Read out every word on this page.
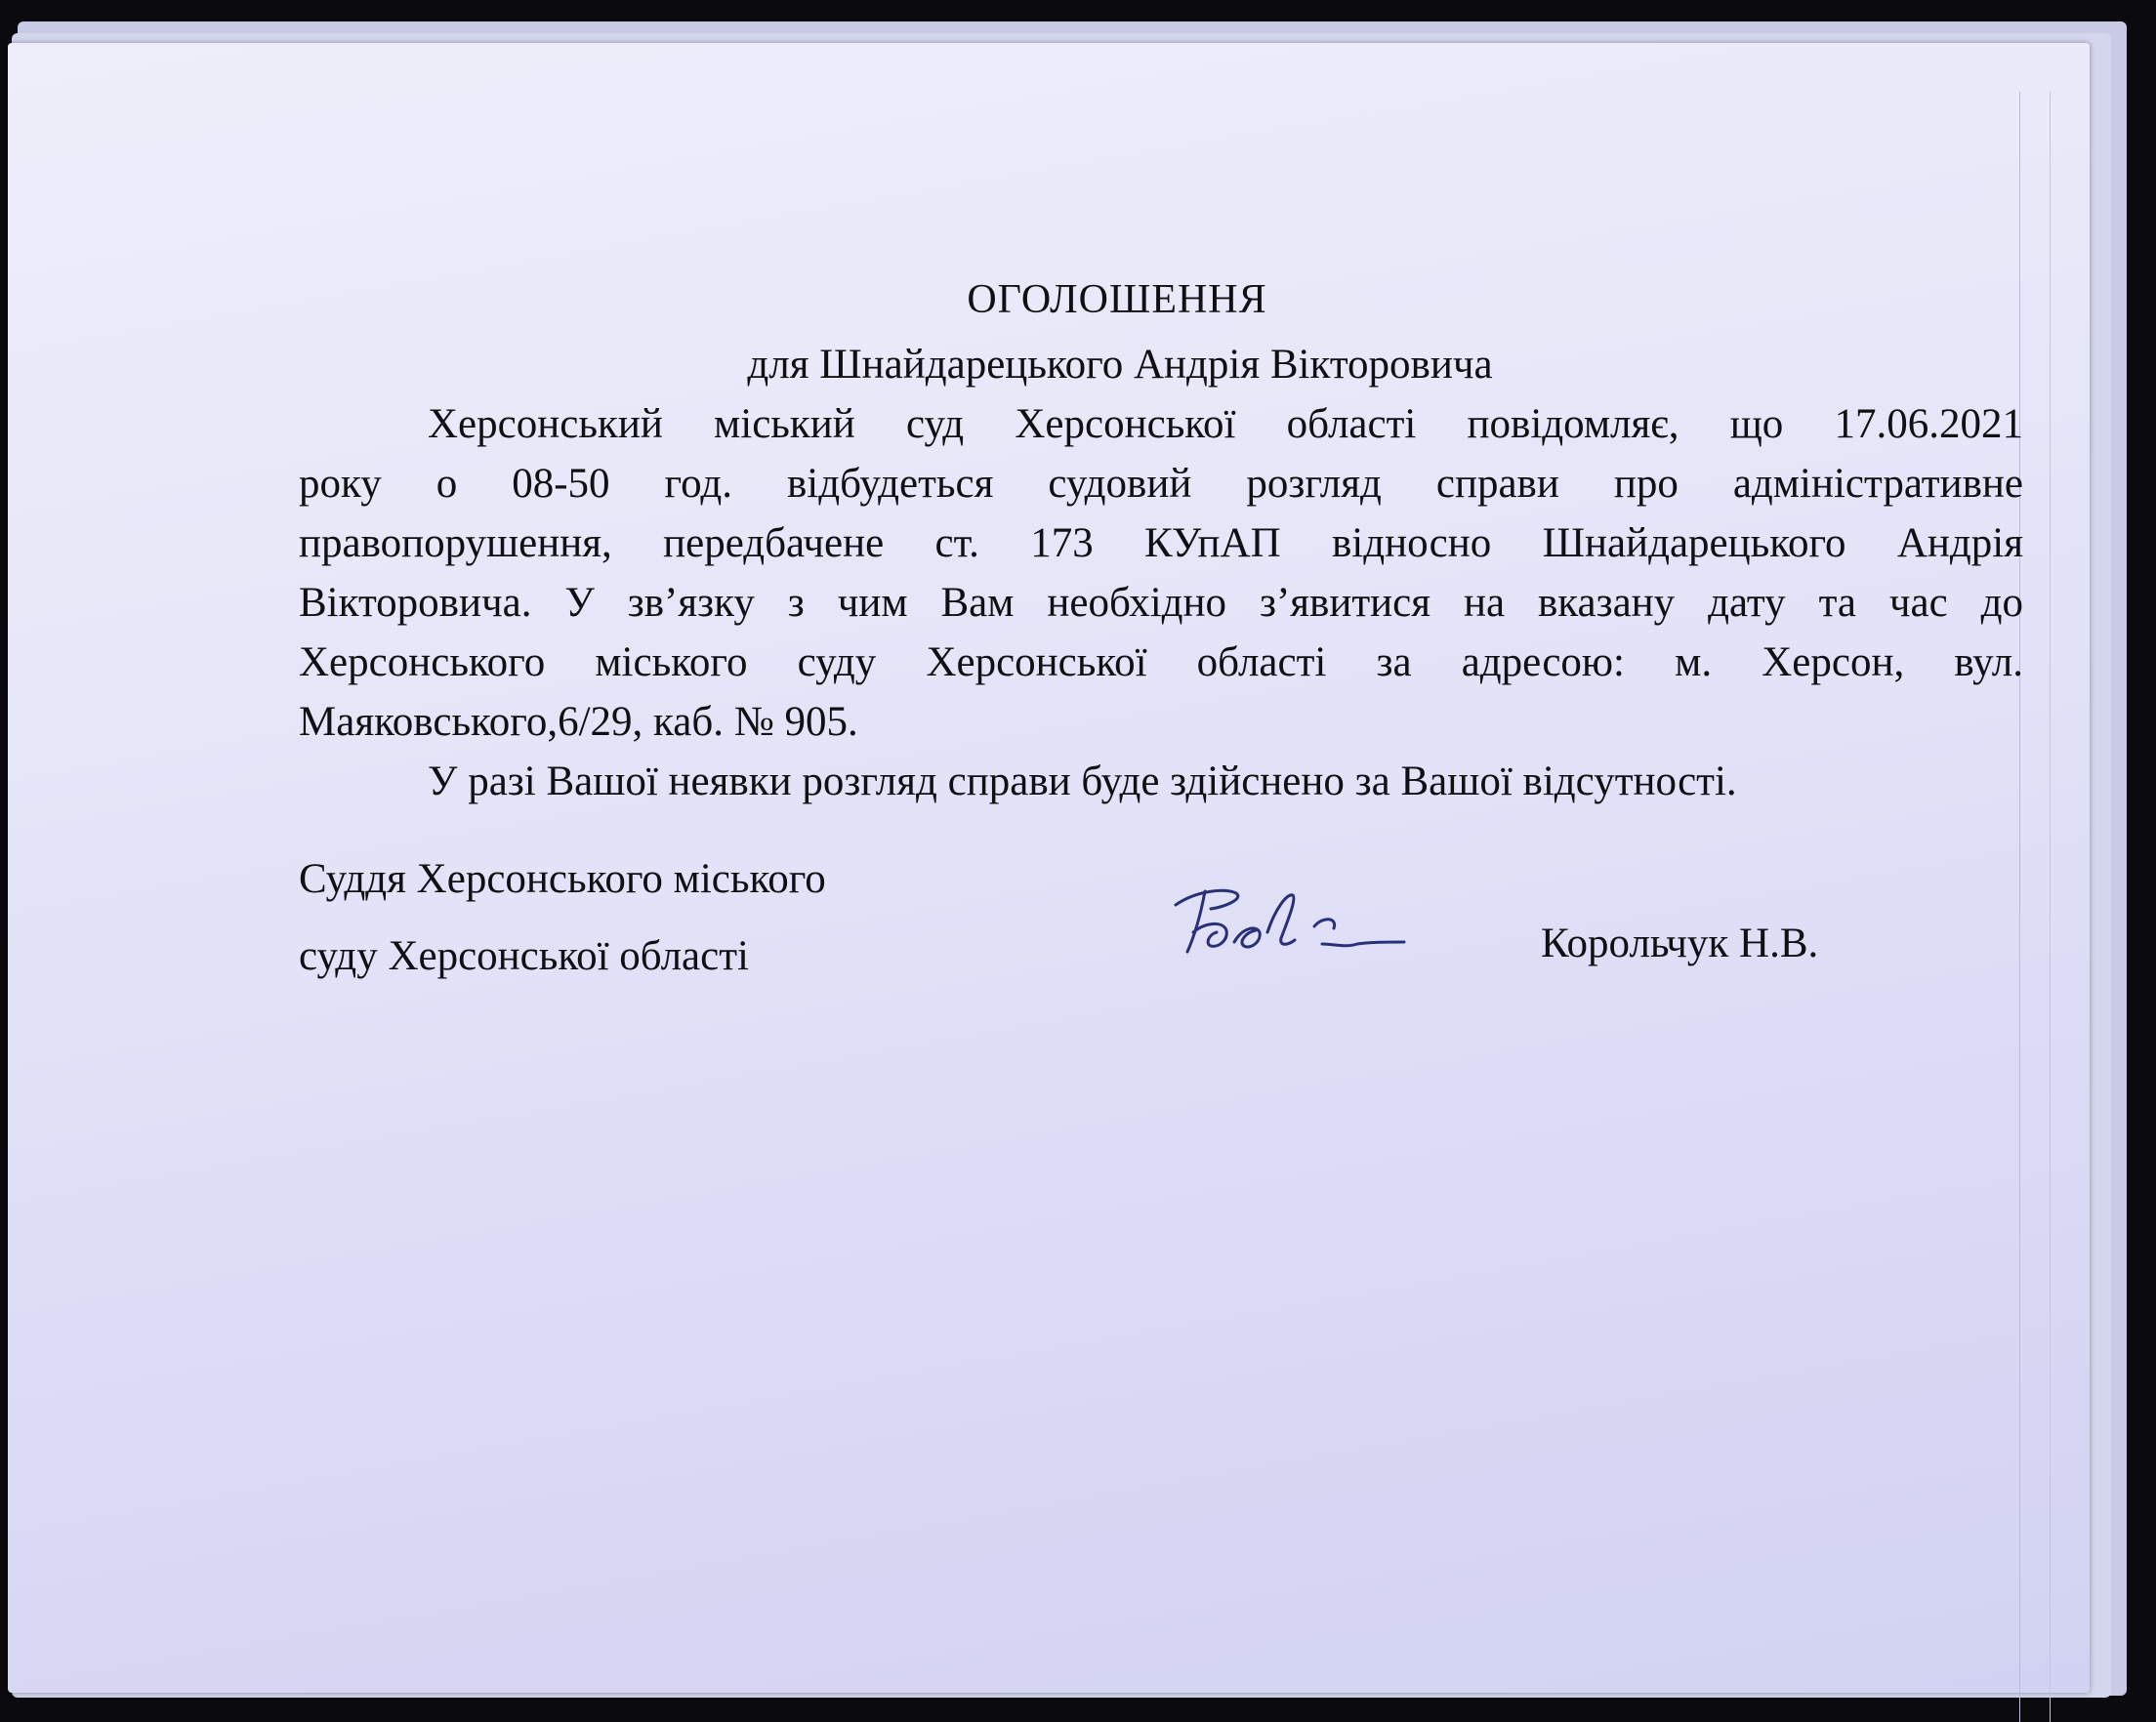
ОГОЛОШЕННЯ
для Шнайдарецького Андрія Вікторовича
Херсонський міський суд Херсонської області повідомляє, що 17.06.2021
року о 08-50 год. відбудеться судовий розгляд справи про адміністративне
правопорушення, передбачене ст. 173 КУпАП відносно Шнайдарецького Андрія
Вікторовича. У зв’язку з чим Вам необхідно з’явитися на вказану дату та час до
Херсонського міського суду Херсонської області за адресою: м. Херсон, вул.
Маяковського,6/29, каб. № 905.
У разі Вашої неявки розгляд справи буде здійснено за Вашої відсутності.
Суддя Херсонського міського
суду Херсонської області	Корольчук Н.В.
